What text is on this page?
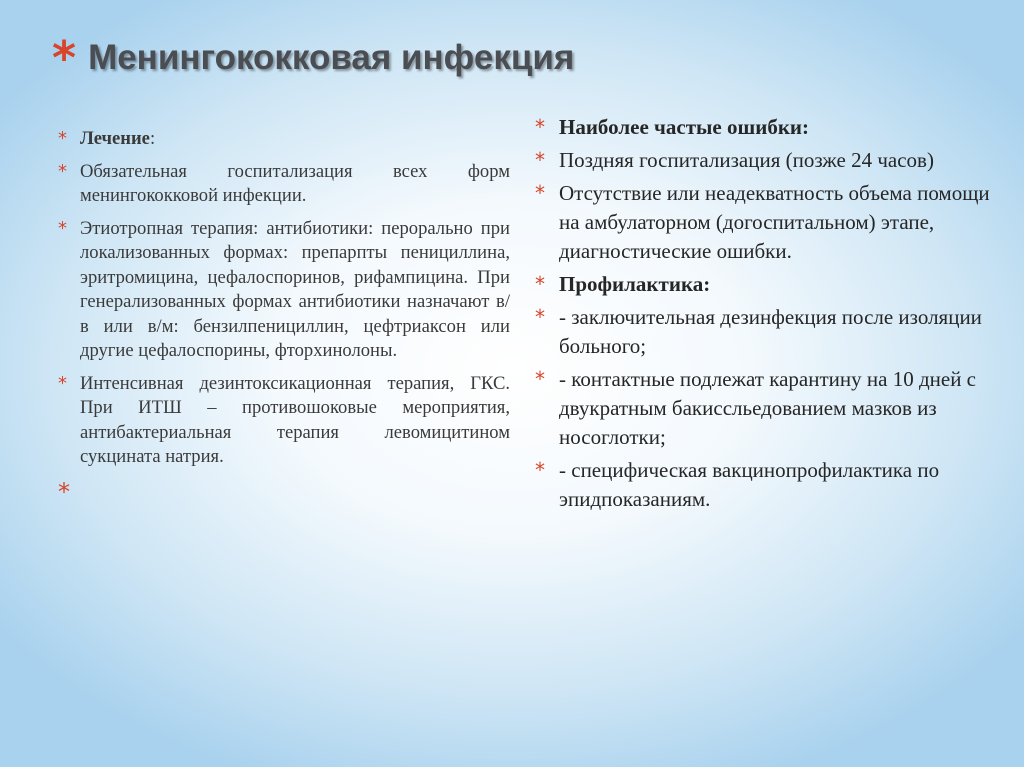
* Менингококковая инфекция
* Лечение:
* Обязательная госпитализация всех форм менингококковой инфекции.
* Этиотропная терапия: антибиотики: перорально при локализованных формах: препарпты пенициллина, эритромицина, цефалоспоринов, рифампицина. При генерализованных формах антибиотики назначают в/в или в/м: бензилпенициллин, цефтриаксон или другие цефалоспорины, фторхинолоны.
* Интенсивная дезинтоксикационная терапия, ГКС. При ИТШ – противошоковые мероприятия, антибактериальная терапия левомицитином сукцината натрия.
*
* Наиболее частые ошибки:
* Поздняя госпитализация (позже 24 часов)
* Отсутствие или неадекватность объема помощи на амбулаторном (догоспитальном) этапе, диагностические ошибки.
* Профилактика:
* - заключительная дезинфекция после изоляции больного;
* - контактные подлежат карантину на 10 дней с двукратным бакиссльедованием мазков из носоглотки;
* - специфическая вакцинопрофилактика по эпидпоказаниям.
